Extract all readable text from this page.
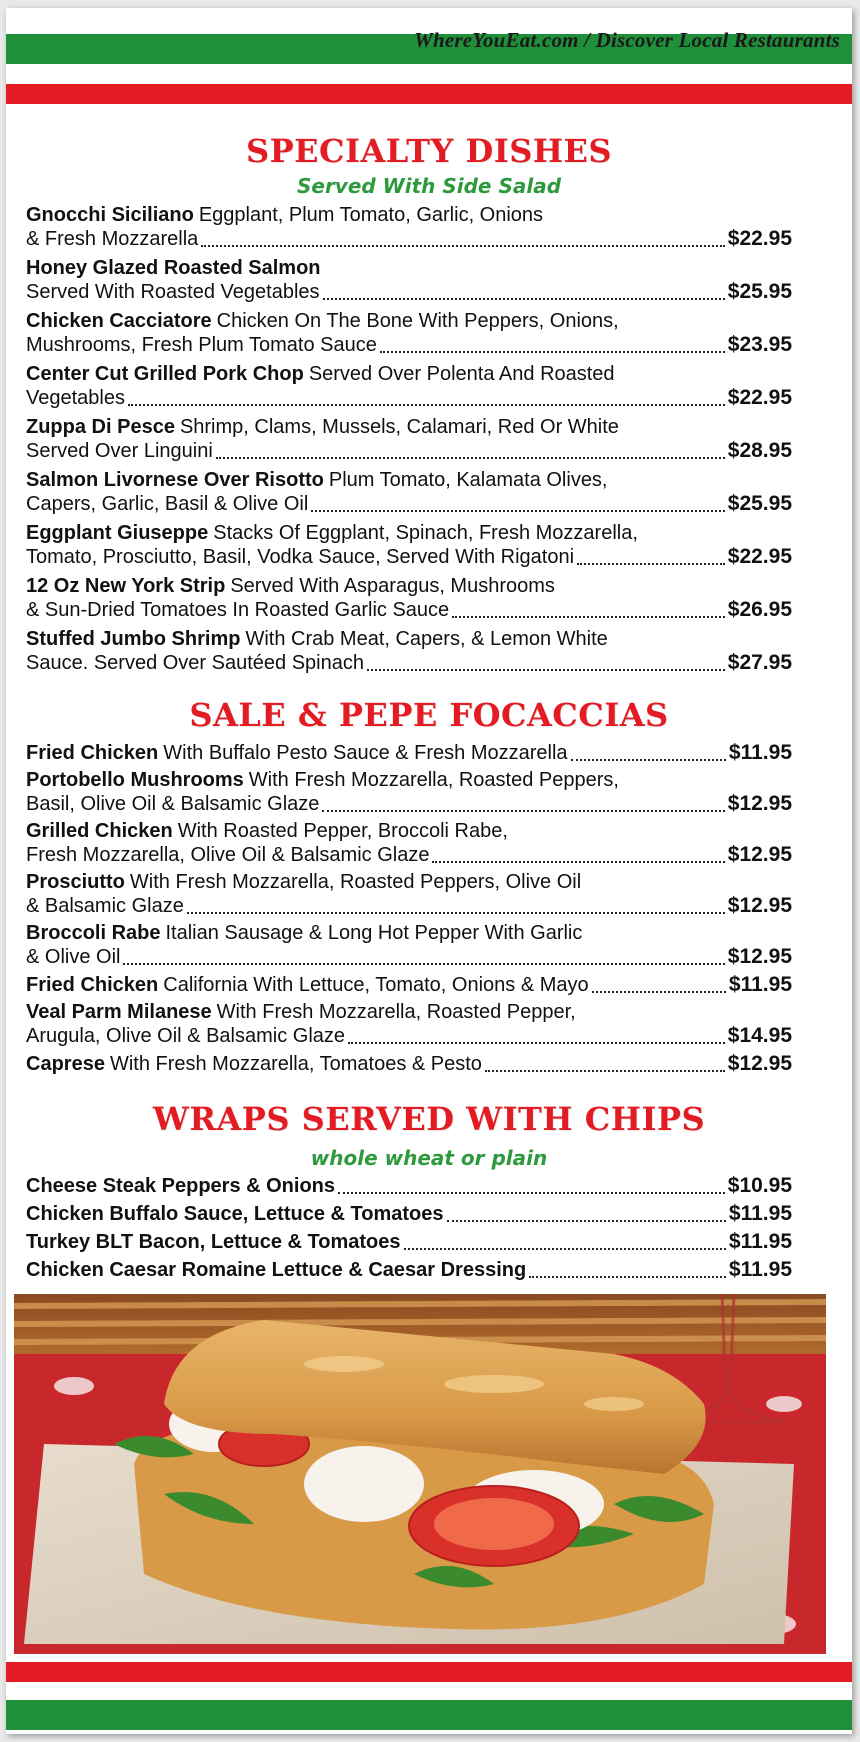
WhereYouEat.com / Discover Local Restaurants
SPECIALTY DISHES
Served With Side Salad
Gnocchi Siciliano Eggplant, Plum Tomato, Garlic, Onions
& Fresh Mozzarella	$22.95
Honey Glazed Roasted Salmon
Served With Roasted Vegetables	$25.95
Chicken Cacciatore Chicken On The Bone With Peppers, Onions,
Mushrooms, Fresh Plum Tomato Sauce	$23.95
Center Cut Grilled Pork Chop Served Over Polenta And Roasted
Vegetables	$22.95
Zuppa Di Pesce Shrimp, Clams, Mussels, Calamari, Red Or White
Served Over Linguini	$28.95
Salmon Livornese Over Risotto Plum Tomato, Kalamata Olives,
Capers, Garlic, Basil & Olive Oil	$25.95
Eggplant Giuseppe Stacks Of Eggplant, Spinach, Fresh Mozzarella,
Tomato, Prosciutto, Basil, Vodka Sauce, Served With Rigatoni	$22.95
12 Oz New York Strip Served With Asparagus, Mushrooms
& Sun-Dried Tomatoes In Roasted Garlic Sauce	$26.95
Stuffed Jumbo Shrimp With Crab Meat, Capers, & Lemon White
Sauce. Served Over Sautéed Spinach	$27.95
SALE & PEPE FOCACCIAS
Fried Chicken With Buffalo Pesto Sauce & Fresh Mozzarella	$11.95
Portobello Mushrooms With Fresh Mozzarella, Roasted Peppers,
Basil, Olive Oil & Balsamic Glaze	$12.95
Grilled Chicken With Roasted Pepper, Broccoli Rabe,
Fresh Mozzarella, Olive Oil & Balsamic Glaze	$12.95
Prosciutto With Fresh Mozzarella, Roasted Peppers, Olive Oil
& Balsamic Glaze	$12.95
Broccoli Rabe Italian Sausage & Long Hot Pepper With Garlic
& Olive Oil	$12.95
Fried Chicken California With Lettuce, Tomato, Onions & Mayo	$11.95
Veal Parm Milanese With Fresh Mozzarella, Roasted Pepper,
Arugula, Olive Oil & Balsamic Glaze	$14.95
Caprese With Fresh Mozzarella, Tomatoes & Pesto	$12.95
WRAPS SERVED WITH CHIPS
whole wheat or plain
Cheese Steak Peppers & Onions	$10.95
Chicken Buffalo Sauce, Lettuce & Tomatoes	$11.95
Turkey BLT Bacon, Lettuce & Tomatoes	$11.95
Chicken Caesar Romaine Lettuce & Caesar Dressing	$11.95
